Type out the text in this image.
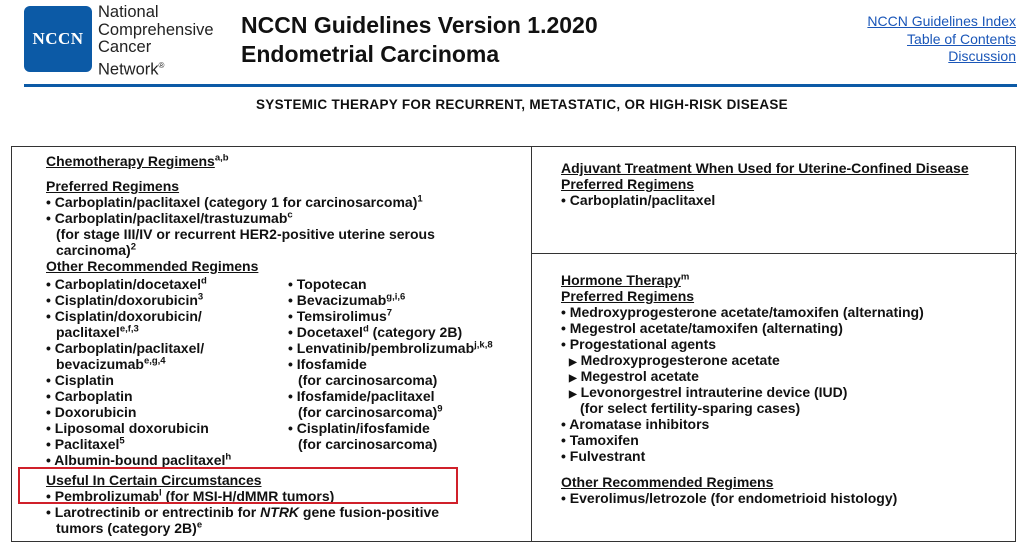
NCCN
National
Comprehensive
Cancer
Network®
NCCN Guidelines Version 1.2020
Endometrial Carcinoma
NCCN Guidelines Index
Table of Contents
Discussion
SYSTEMIC THERAPY FOR RECURRENT, METASTATIC, OR HIGH-RISK DISEASE
Chemotherapy Regimens$^{a,b}$
Preferred Regimens
• Carboplatin/paclitaxel (category 1 for carcinosarcoma)$^1$
• Carboplatin/paclitaxel/trastuzumab$^c$
(for stage III/IV or recurrent HER2-positive uterine serous
carcinoma)$^2$
Other Recommended Regimens
• Carboplatin/docetaxel$^d$
• Cisplatin/doxorubicin$^3$
• Cisplatin/doxorubicin/
paclitaxel$^{e,f,3}$
• Carboplatin/paclitaxel/
bevacizumab$^{e,g,4}$
• Cisplatin
• Carboplatin
• Doxorubicin
• Liposomal doxorubicin
• Paclitaxel$^5$
• Albumin-bound paclitaxel$^h$
• Topotecan
• Bevacizumab$^{g,i,6}$
• Temsirolimus$^7$
• Docetaxel$^d$ (category 2B)
• Lenvatinib/pembrolizumab$^{j,k,8}$
• Ifosfamide
(for carcinosarcoma)
• Ifosfamide/paclitaxel
(for carcinosarcoma)$^9$
• Cisplatin/ifosfamide
(for carcinosarcoma)
Useful In Certain Circumstances
• Pembrolizumab$^l$ (for MSI-H/dMMR tumors)
• Larotrectinib or entrectinib for NTRK gene fusion-positive
tumors (category 2B)$^e$
Adjuvant Treatment When Used for Uterine-Confined Disease
Preferred Regimens
• Carboplatin/paclitaxel
Hormone Therapy$^m$
Preferred Regimens
• Medroxyprogesterone acetate/tamoxifen (alternating)
• Megestrol acetate/tamoxifen (alternating)
• Progestational agents
▶ Medroxyprogesterone acetate
▶ Megestrol acetate
▶ Levonorgestrel intrauterine device (IUD)
(for select fertility-sparing cases)
• Aromatase inhibitors
• Tamoxifen
• Fulvestrant
Other Recommended Regimens
• Everolimus/letrozole (for endometrioid histology)
